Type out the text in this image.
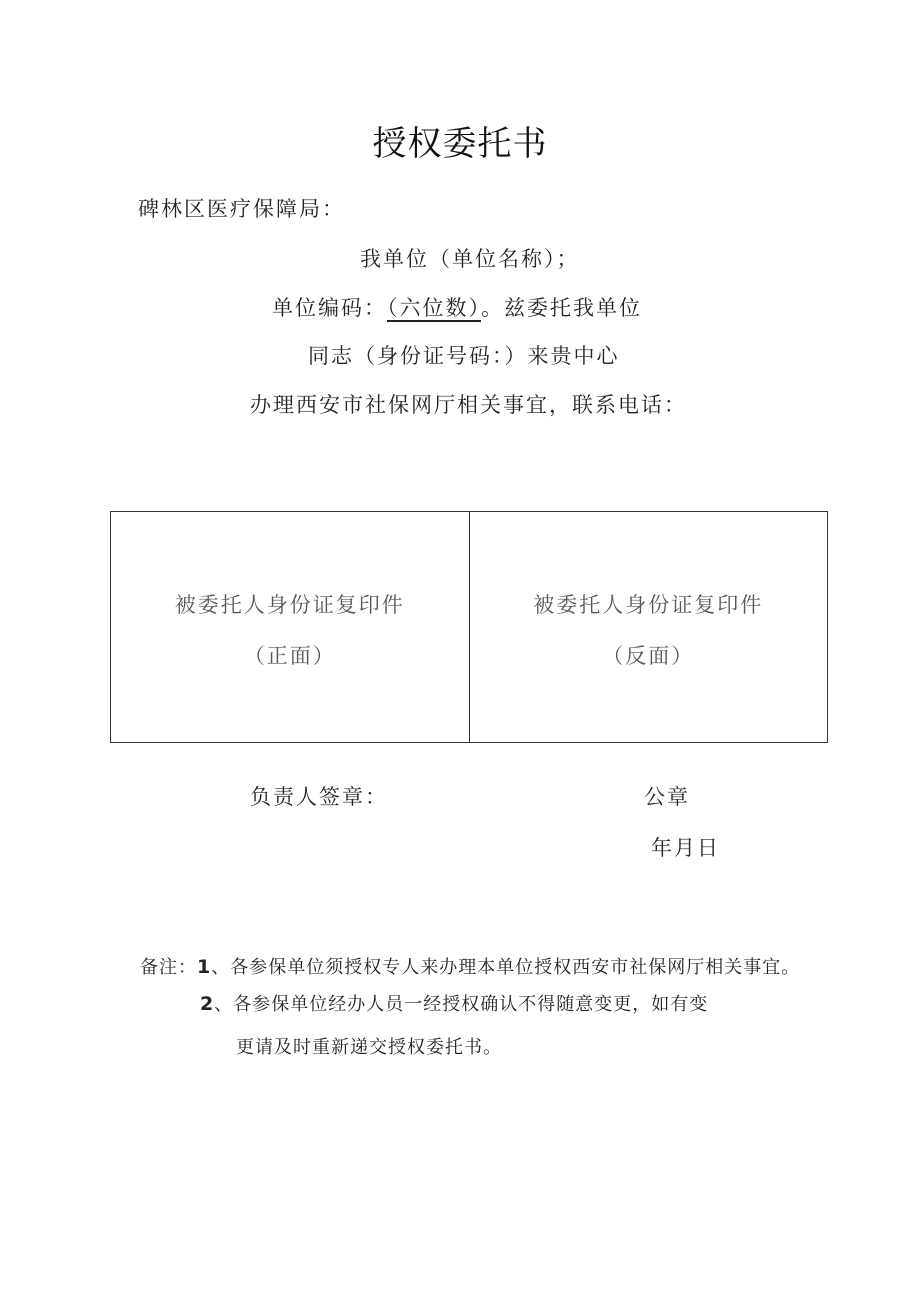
授权委托书
碑林区医疗保障局：
我单位（单位名称）；
单位编码：（六位数）。兹委托我单位
同志（身份证号码：）来贵中心
办理西安市社保网厅相关事宜，联系电话：
被委托人身份证复印件
（正面）
被委托人身份证复印件
（反面）
负责人签章：	公章
年月日
备注：1、各参保单位须授权专人来办理本单位授权西安市社保网厅相关事宜。
2、各参保单位经办人员一经授权确认不得随意变更，如有变
更请及时重新递交授权委托书。
